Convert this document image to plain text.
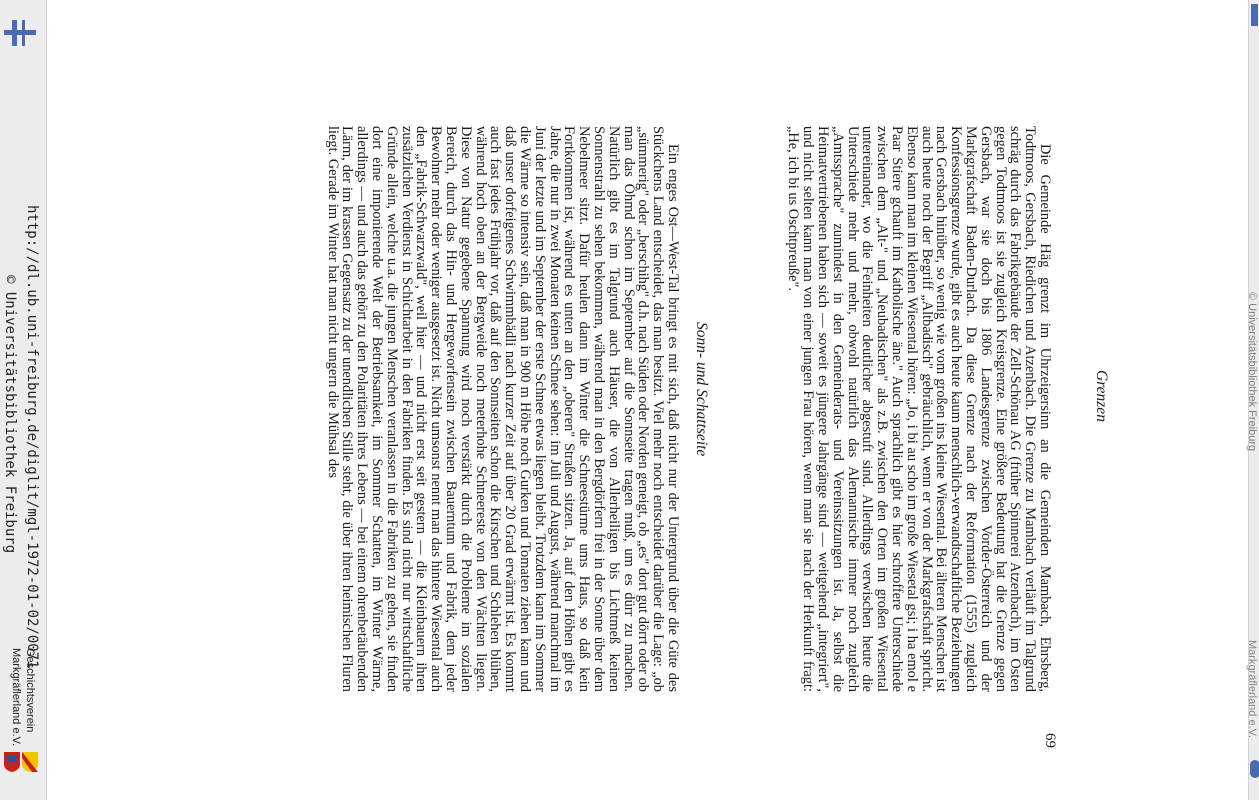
© Universitätsbibliothek Freiburg
Markgräflerland e.V.
Grenzen
69

Die Gemeinde Häg grenzt im Uhrzeigersinn an die Gemeinden Mambach, Ehrsberg, Todtmoos, Gersbach, Riedichen und Atzenbach. Die Grenze zu Mambach verläuft im Talgrund schräg durch das Fabrikgebäude der Zell-Schönau AG (früher Spinnerei Atzenbach), im Osten gegen Todtmoos ist sie zugleich Kreisgrenze. Eine größere Bedeutung hat die Grenze gegen Gersbach, war sie doch bis 1806 Landesgrenze zwischen Vorder-Österreich und der Markgrafschaft Baden-Durlach. Da diese Grenze nach der Reformation (1555) zugleich Konfessionsgrenze wurde, gibt es auch heute kaum menschlich-verwandtschaftliche Beziehungen nach Gersbach hinüber, so wenig wie vom großen ins kleine Wiesental. Bei älteren Menschen ist auch heute noch der Begriff „Altbadisch" gebräuchlich, wenn er von der Markgrafschaft spricht. Ebenso kann man im kleinen Wiesental hören: „Jo, i bi au scho im große Wiesetal gsi; i ha emol e Paar Stiere gchauft im Katholische äne." Auch sprachlich gibt es hier schroffere Unterschiede zwischen dem „Alt-" und „Neubadischen" als z.B. zwischen den Orten im großen Wiesental untereinander, wo die Feinheiten deutlicher abgestuft sind. Allerdings verwischen heute die Unterschiede mehr und mehr, obwohl natürlich das Alemannische immer noch zugleich „Amtssprache" zumindest in den Gemeinderats- und Vereinssitzungen ist. Ja, selbst die Heimatvertriebenen haben sich — soweit es jüngere Jahrgänge sind — weitgehend „integriert", und nicht selten kann man von einer jungen Frau hören, wenn man sie nach der Herkunft fragt: „He, ich bi us Oschtpreuße".

Sonn- und Schattseite

Ein enges Ost—West-Tal bringt es mit sich, daß nicht nur der Untergrund über die Güte des Stückchens Land entscheidet, das man besitzt. Viel mehr noch entscheidet darüber die Lage: „ob „sümmerig" oder „berschihg" d.h. nach Süden oder Norden geneigt, ob „es" dort gut dörrt oder ob man das Öhmd schon im September auf die Sonnseite tragen muß, um es dürr zu machen. Natürlich gibt es im Talgrund auch Häuser, die von Allerheiligen bis Lichtmeß keinen Sonnenstrahl zu sehen bekommen, während man in den Bergdörfern frei in der Sonne über dem Nebelmeer sitzt. Dafür heulen dann im Winter die Schneestürme ums Haus, so daß kein Fortkommen ist, während es unten an den „oberen" Straßen sitzen. Ja, auf den Höhen gibt es Jahre, die nur in zwei Monaten keinen Schnee sehen: im Juli und August, während manchmal im Juni der letzte und im September der erste Schnee etwas liegen bleibt. Trotzdem kann im Sommer die Wärme so intensiv sein, daß man in 900 m Höhe noch Gurken und Tomaten ziehen kann und daß unser dorfeigenes Schwimmbädli nach kurzer Zeit auf über 20 Grad erwärmt ist. Es kommt auch fast jedes Frühjahr vor, daß auf den Sonnseiten schon die Kirschen und Schlehen blühen, während hoch oben an der Bergweide noch meterhohe Schneereste von den Wächten liegen. Diese von Natur gegebene Spannung wird noch verstärkt durch die Probleme im sozialen Bereich, durch das Hin- und Hergeworfensein zwischen Bauerntum und Fabrik, dem jeder Bewohner mehr oder weniger ausgesetzt ist. Nicht umsonst nennt man das hintere Wiesental auch den „Fabrik-Schwarzwald", weil hier — und nicht erst seit gestern — die Kleinbauern ihren zusätzlichen Verdienst in Schichtarbeit in den Fabriken finden. Es sind nicht nur wirtschaftliche Gründe allein, welche u.a. die jungen Menschen veranlassen in die Fabriken zu gehen, sie finden dort eine imponierende Welt der Betriebsamkeit, im Sommer Schatten, im Winter Wärme, allerdings — und auch das gehört zu den Polaritäten ihres Lebens — bei einem ohrenbetäubenden Lärm, der im krassen Gegensatz zu der unendlichen Stille steht, die über ihren heimischen Fluren liegt. Gerade im Winter hat man nicht ungern die Mühsal des

http://dl.ub.uni-freiburg.de/diglit/mgl-1972-01-02/0071
© Universitätsbibliothek Freiburg
Geschichtsverein
Markgräflerland e.V.
